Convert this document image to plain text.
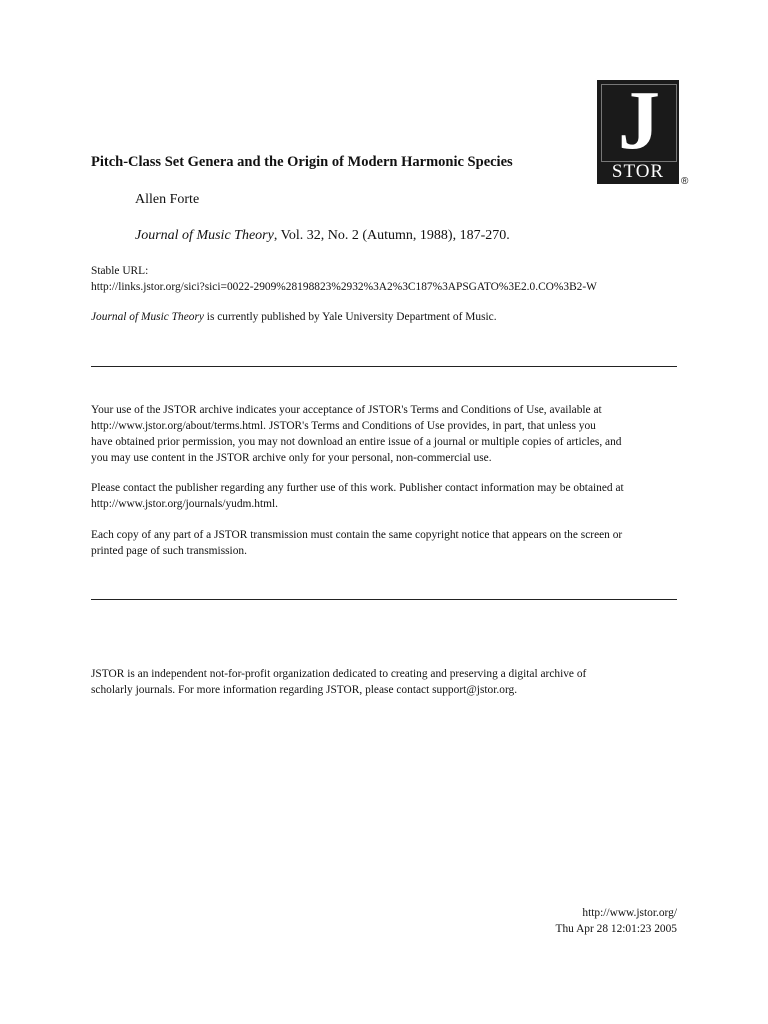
J
STOR	®
Pitch-Class Set Genera and the Origin of Modern Harmonic Species
Allen Forte
Journal of Music Theory, Vol. 32, No. 2 (Autumn, 1988), 187-270.
Stable URL:
http://links.jstor.org/sici?sici=0022-2909%28198823%2932%3A2%3C187%3APSGATO%3E2.0.CO%3B2-W
Journal of Music Theory is currently published by Yale University Department of Music.
Your use of the JSTOR archive indicates your acceptance of JSTOR's Terms and Conditions of Use, available at
http://www.jstor.org/about/terms.html. JSTOR's Terms and Conditions of Use provides, in part, that unless you
have obtained prior permission, you may not download an entire issue of a journal or multiple copies of articles, and
you may use content in the JSTOR archive only for your personal, non-commercial use.
Please contact the publisher regarding any further use of this work. Publisher contact information may be obtained at
http://www.jstor.org/journals/yudm.html.
Each copy of any part of a JSTOR transmission must contain the same copyright notice that appears on the screen or
printed page of such transmission.
JSTOR is an independent not-for-profit organization dedicated to creating and preserving a digital archive of
scholarly journals. For more information regarding JSTOR, please contact support@jstor.org.
http://www.jstor.org/
Thu Apr 28 12:01:23 2005
